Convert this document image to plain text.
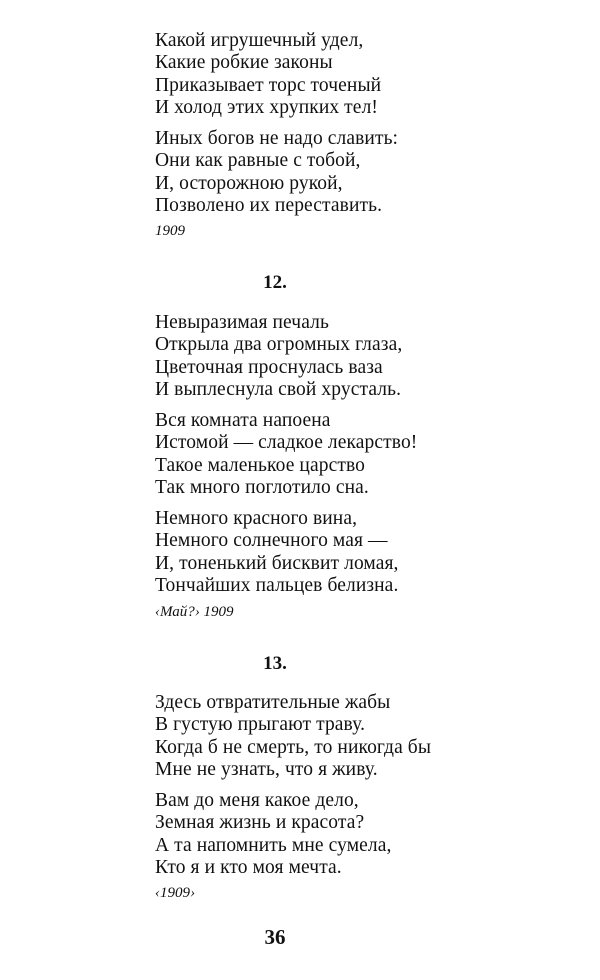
Какой игрушечный удел,
Какие робкие законы
Приказывает торс точеный
И холод этих хрупких тел!
Иных богов не надо славить:
Они как равные с тобой,
И, осторожною рукой,
Позволено их переставить.
1909
12.
Невыразимая печаль
Открыла два огромных глаза,
Цветочная проснулась ваза
И выплеснула свой хрусталь.
Вся комната напоена
Истомой — сладкое лекарство!
Такое маленькое царство
Так много поглотило сна.
Немного красного вина,
Немного солнечного мая —
И, тоненький бисквит ломая,
Тончайших пальцев белизна.
‹Май?› 1909
13.
Здесь отвратительные жабы
В густую прыгают траву.
Когда б не смерть, то никогда бы
Мне не узнать, что я живу.
Вам до меня какое дело,
Земная жизнь и красота?
А та напомнить мне сумела,
Кто я и кто моя мечта.
‹1909›
36
